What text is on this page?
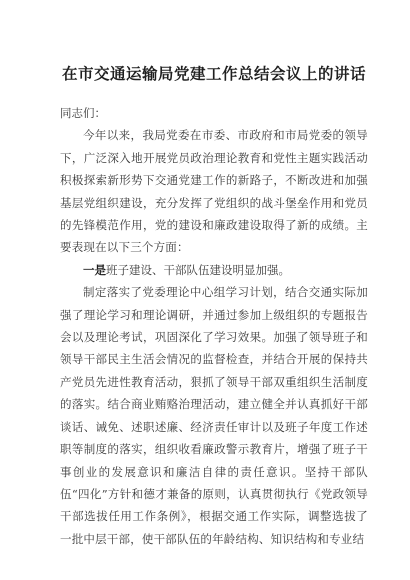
在市交通运输局党建工作总结会议上的讲话

同志们：

今年以来，我局党委在市委、市政府和市局党委的领导下，广泛深入地开展党员政治理论教育和党性主题实践活动积极探索新形势下交通党建工作的新路子，不断改进和加强基层党组织建设，充分发挥了党组织的战斗堡垒作用和党员的先锋模范作用，党的建设和廉政建设取得了新的成绩。主要表现在以下三个方面：

一是班子建设、干部队伍建设明显加强。

制定落实了党委理论中心组学习计划，结合交通实际加强了理论学习和理论调研，并通过参加上级组织的专题报告会以及理论考试，巩固深化了学习效果。加强了领导班子和领导干部民主生活会情况的监督检查，并结合开展的保持共产党员先进性教育活动，狠抓了领导干部双重组织生活制度的落实。结合商业贿赂治理活动，建立健全并认真抓好干部谈话、诫免、述职述廉、经济责任审计以及班子年度工作述职等制度的落实，组织收看廉政警示教育片，增强了班子干事创业的发展意识和廉洁自律的责任意识。坚持干部队伍“四化”方针和德才兼备的原则，认真贯彻执行《党政领导干部选拔任用工作条例》，根据交通工作实际，调整选拔了一批中层干部，使干部队伍的年龄结构、知识结构和专业结
